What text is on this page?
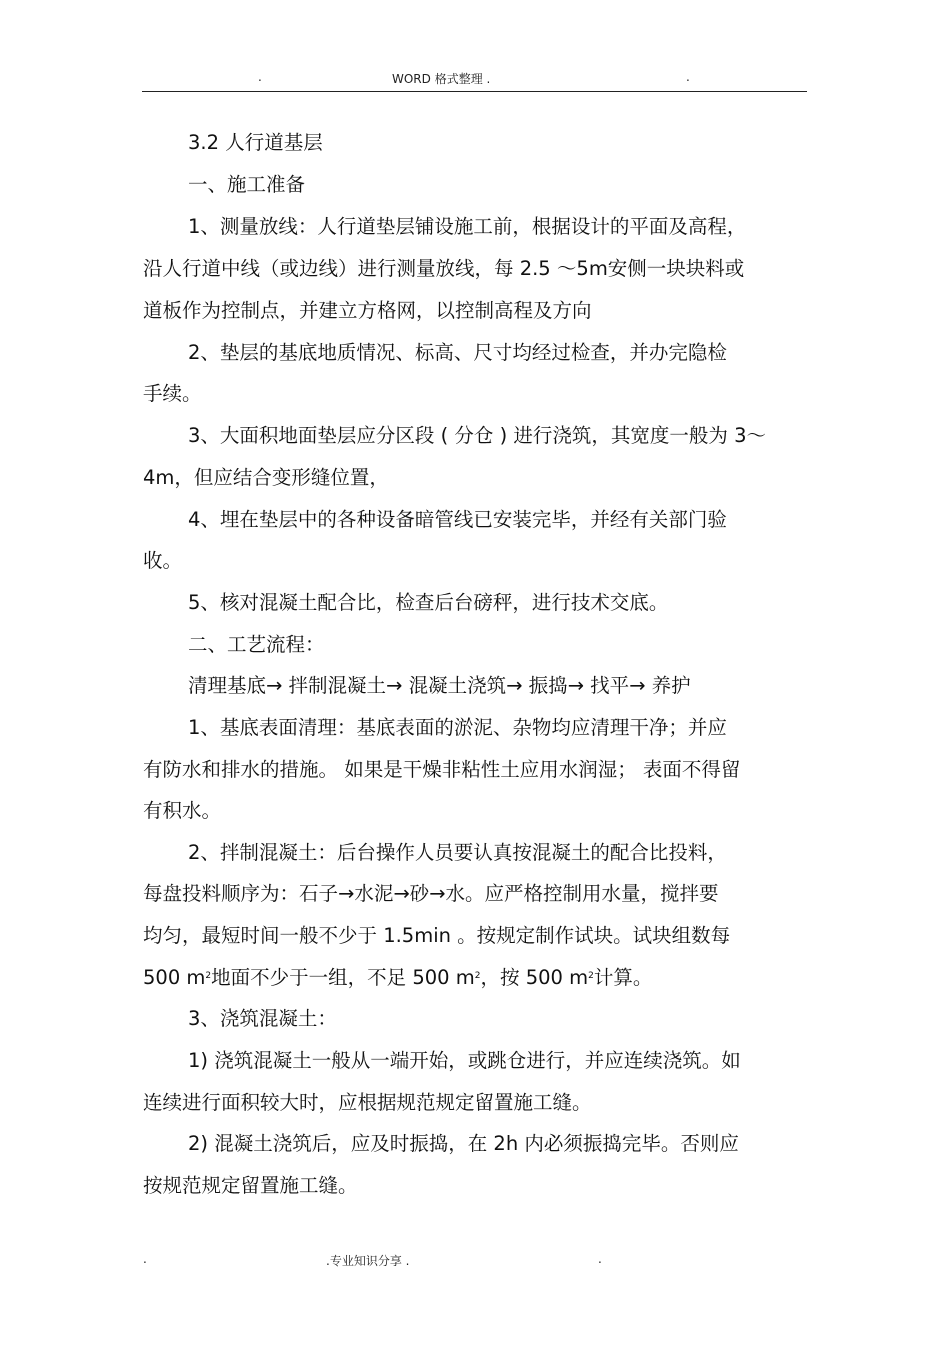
.	WORD 格式整理 .	.
3.2 人行道基层
一、施工准备
1、测量放线：人行道垫层铺设施工前，根据设计的平面及高程，
沿人行道中线（或边线）进行测量放线，每 2.5 ～5m安侧一块块料或
道板作为控制点，并建立方格网，以控制高程及方向
2、垫层的基底地质情况、标高、尺寸均经过检查，并办完隐检
手续。
3、大面积地面垫层应分区段 ( 分仓 ) 进行浇筑，其宽度一般为 3～
4m，但应结合变形缝位置，
4、埋在垫层中的各种设备暗管线已安装完毕，并经有关部门验
收。
5、核对混凝土配合比，检查后台磅秤，进行技术交底。
二、工艺流程：
清理基底→ 拌制混凝土→ 混凝土浇筑→ 振捣→ 找平→ 养护
1、基底表面清理：基底表面的淤泥、杂物均应清理干净；并应
有防水和排水的措施。 如果是干燥非粘性土应用水润湿； 表面不得留
有积水。
2、拌制混凝土：后台操作人员要认真按混凝土的配合比投料，
每盘投料顺序为：石子→水泥→砂→水。应严格控制用水量，搅拌要
均匀，最短时间一般不少于 1.5min 。按规定制作试块。试块组数每
500 $m^2$地面不少于一组，不足 500 $m^2$，按 500 $m^2$计算。
3、浇筑混凝土：
1) 浇筑混凝土一般从一端开始，或跳仓进行，并应连续浇筑。如
连续进行面积较大时，应根据规范规定留置施工缝。
2) 混凝土浇筑后，应及时振捣，在 2h 内必须振捣完毕。否则应
按规范规定留置施工缝。
.	.专业知识分享 .	.
